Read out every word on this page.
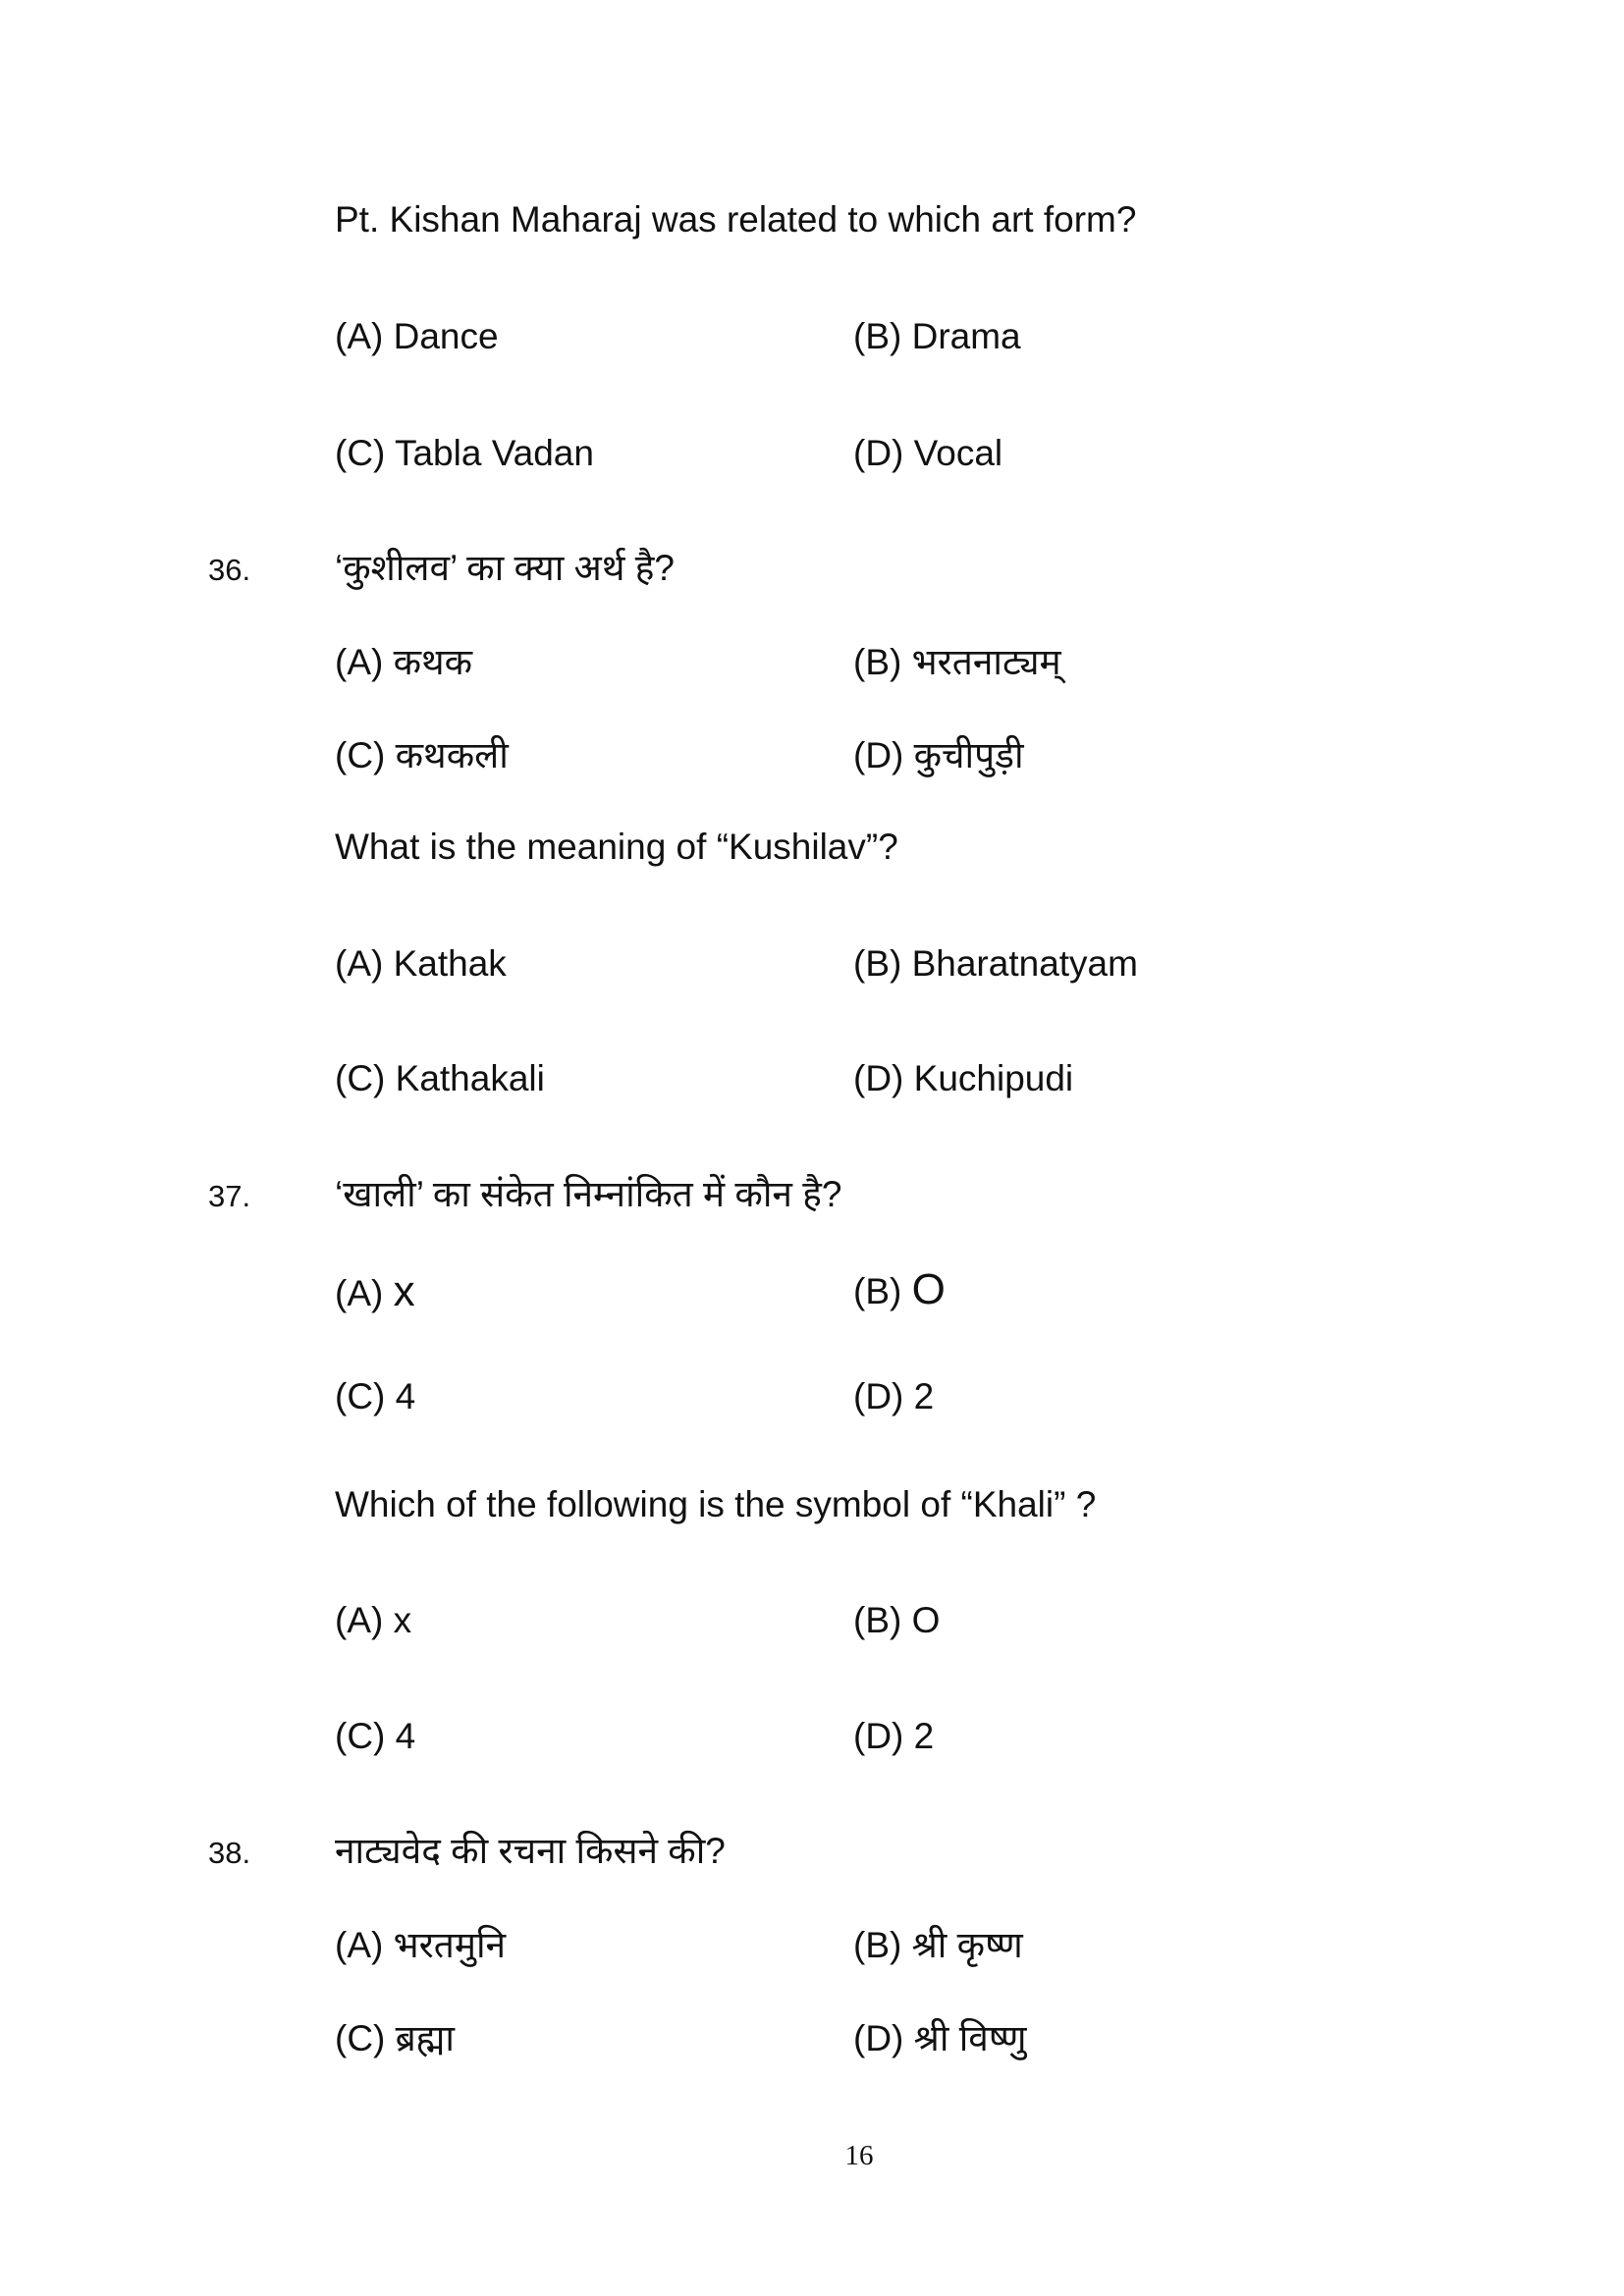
Pt. Kishan Maharaj was related to which art form?
(A) Dance	(B) Drama
(C) Tabla Vadan	(D) Vocal
36. ‘कुशीलव’ का क्या अर्थ है?
(A) कथक	(B) भरतनाट्यम्
(C) कथकली	(D) कुचीपुड़ी
What is the meaning of “Kushilav”?
(A) Kathak	(B) Bharatnatyam
(C) Kathakali	(D) Kuchipudi
37. ‘खाली’ का संकेत निम्नांकित में कौन है?
(A) x	(B) O
(C) 4	(D) 2
Which of the following is the symbol of “Khali” ?
(A) x	(B) O
(C) 4	(D) 2
38. नाट्यवेद की रचना किसने की?
(A) भरतमुनि	(B) श्री कृष्ण
(C) ब्रह्मा	(D) श्री विष्णु
16
